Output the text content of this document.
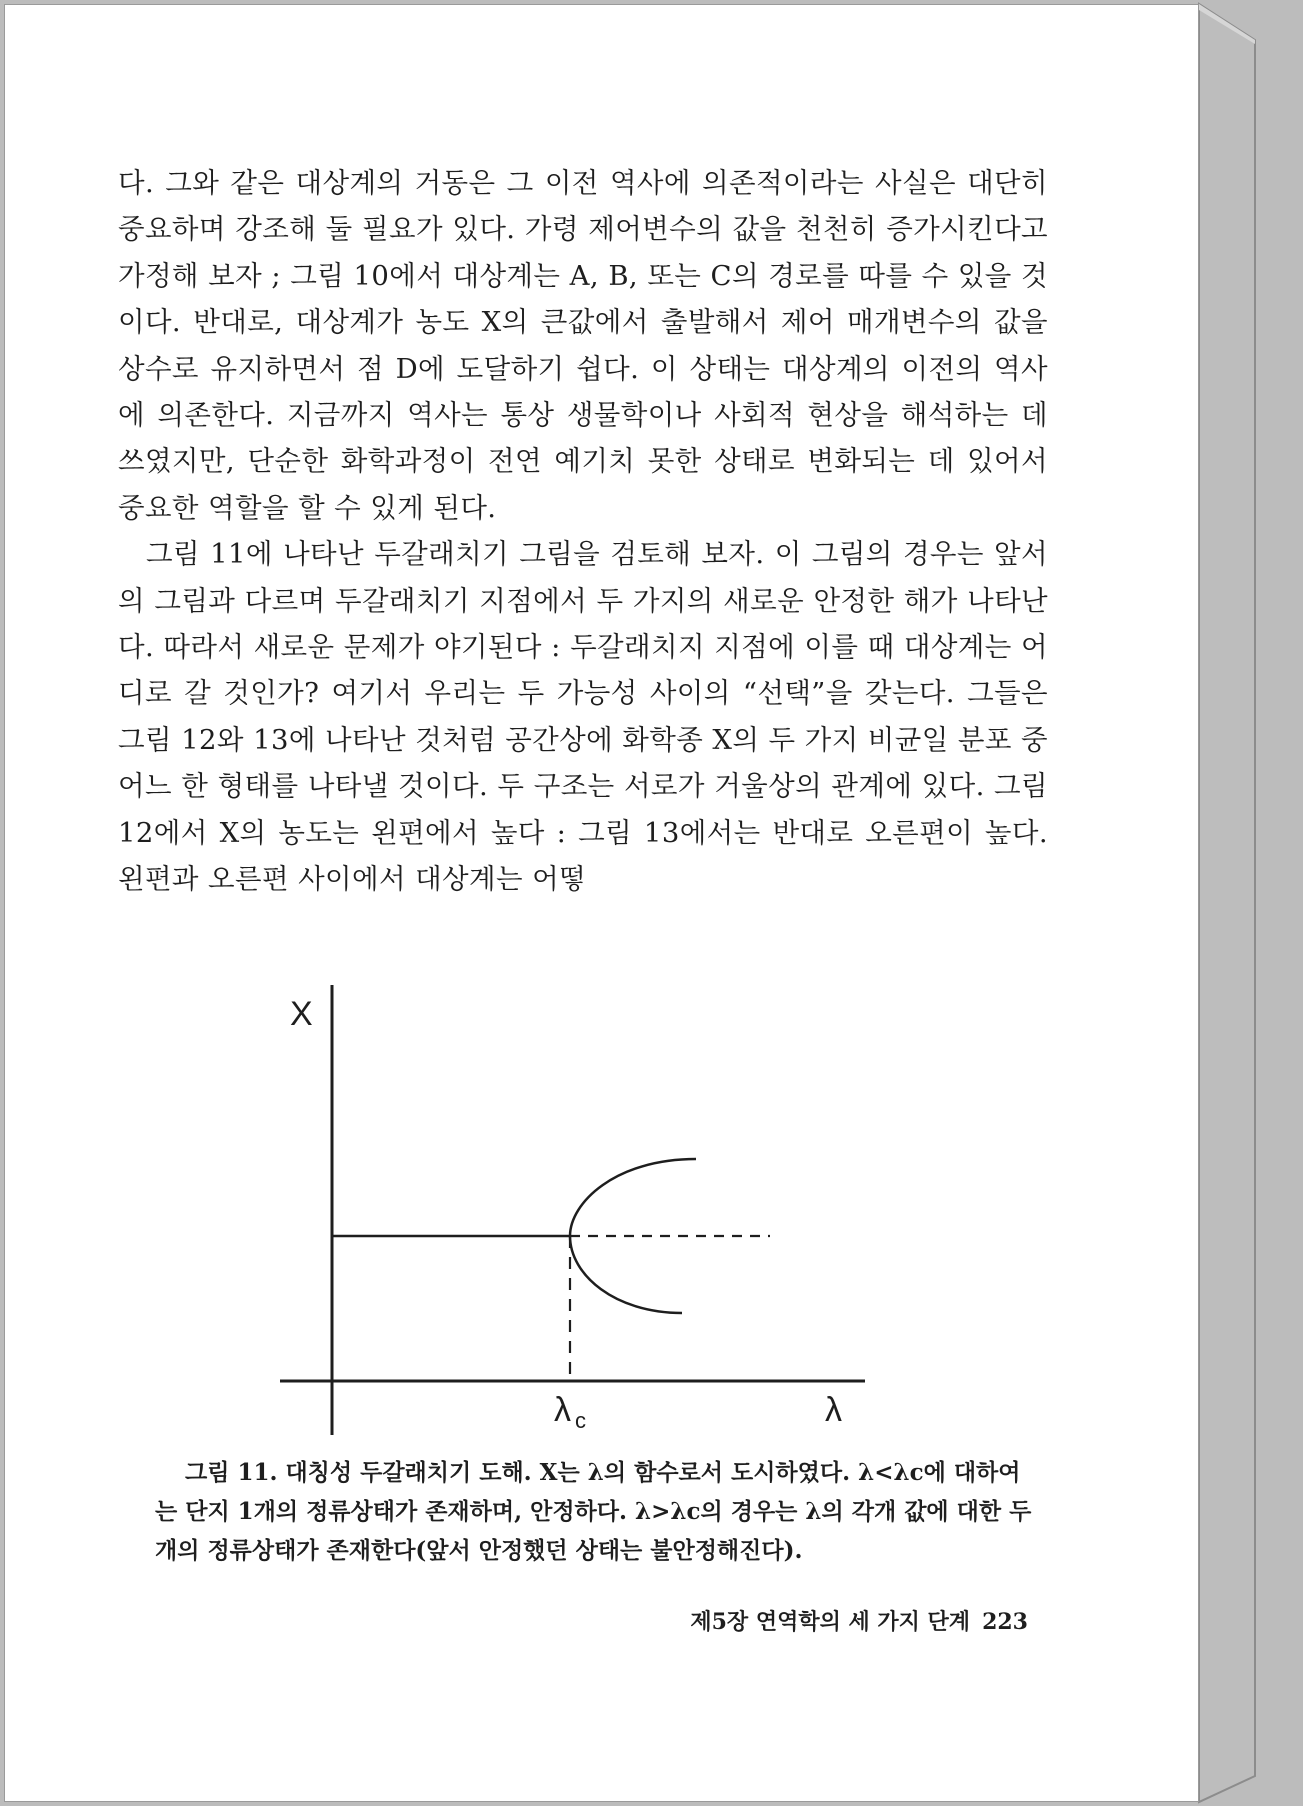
다. 그와 같은 대상계의 거동은 그 이전 역사에 의존적이라는 사실은 대단히 중요하며 강조해 둘 필요가 있다. 가령 제어변수의 값을 천천히 증가시킨다고 가정해 보자 ; 그림 10에서 대상계는 A, B, 또는 C의 경로를 따를 수 있을 것이다. 반대로, 대상계가 농도 X의 큰값에서 출발해서 제어 매개변수의 값을 상수로 유지하면서 점 D에 도달하기 쉽다. 이 상태는 대상계의 이전의 역사에 의존한다. 지금까지 역사는 통상 생물학이나 사회적 현상을 해석하는 데 쓰였지만, 단순한 화학과정이 전연 예기치 못한 상태로 변화되는 데 있어서 중요한 역할을 할 수 있게 된다.

그림 11에 나타난 두갈래치기 그림을 검토해 보자. 이 그림의 경우는 앞서의 그림과 다르며 두갈래치기 지점에서 두 가지의 새로운 안정한 해가 나타난다. 따라서 새로운 문제가 야기된다 : 두갈래치지 지점에 이를 때 대상계는 어디로 갈 것인가? 여기서 우리는 두 가능성 사이의 “선택”을 갖는다. 그들은 그림 12와 13에 나타난 것처럼 공간상에 화학종 X의 두 가지 비균일 분포 중 어느 한 형태를 나타낼 것이다. 두 구조는 서로가 거울상의 관계에 있다. 그림 12에서 X의 농도는 왼편에서 높다 : 그림 13에서는 반대로 오른편이 높다. 왼편과 오른편 사이에서 대상계는 어떻

X
λ
λ c

그림 11. 대칭성 두갈래치기 도해. X는 λ의 함수로서 도시하였다. λ<λc에 대하여는 단지 1개의 정류상태가 존재하며, 안정하다. λ>λc의 경우는 λ의 각개 값에 대한 두개의 정류상태가 존재한다(앞서 안정했던 상태는 불안정해진다).

제5장 연역학의 세 가지 단계 223
